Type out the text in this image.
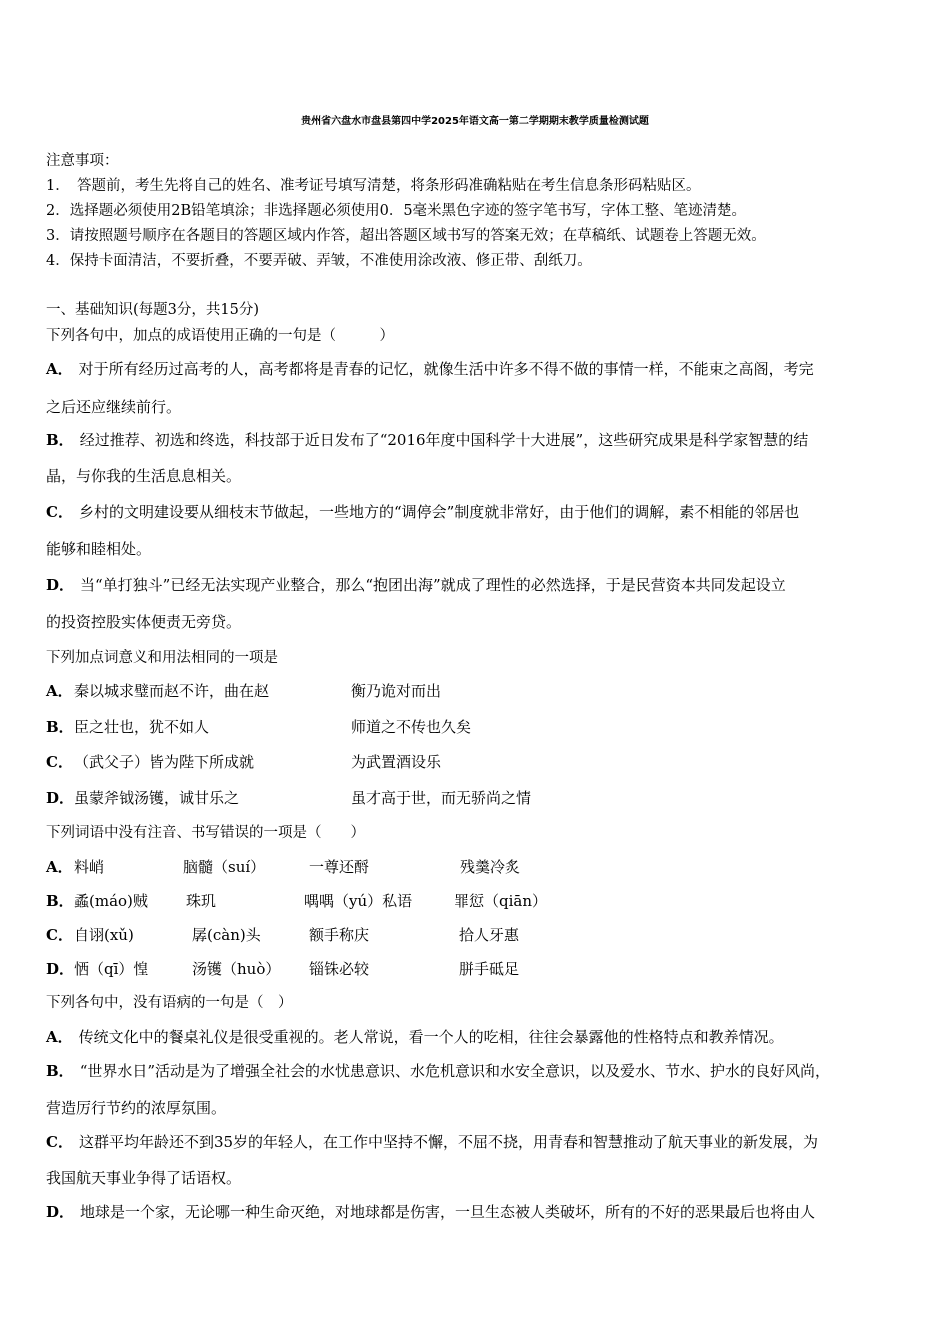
贵州省六盘水市盘县第四中学2025年语文高一第二学期期末教学质量检测试题
注意事项：
1．　答题前，考生先将自己的姓名、准考证号填写清楚，将条形码准确粘贴在考生信息条形码粘贴区。
2．选择题必须使用2B铅笔填涂；非选择题必须使用0．5毫米黑色字迹的签字笔书写，字体工整、笔迹清楚。
3．请按照题号顺序在各题目的答题区域内作答，超出答题区域书写的答案无效；在草稿纸、试题卷上答题无效。
4．保持卡面清洁，不要折叠，不要弄破、弄皱，不准使用涂改液、修正带、刮纸刀。
一、基础知识(每题3分，共15分)
下列各句中，加点的成语使用正确的一句是（　　　）
A． 对于所有经历过高考的人，高考都将是青春的记忆，就像生活中许多不得不做的事情一样，不能束之高阁，考完
之后还应继续前行。
B． 经过推荐、初选和终选，科技部于近日发布了“2016年度中国科学十大进展”，这些研究成果是科学家智慧的结
晶，与你我的生活息息相关。
C． 乡村的文明建设要从细枝末节做起，一些地方的“调停会”制度就非常好，由于他们的调解，素不相能的邻居也
能够和睦相处。
D． 当“单打独斗”已经无法实现产业整合，那么“抱团出海”就成了理性的必然选择，于是民营资本共同发起设立
的投资控股实体便责无旁贷。
下列加点词意义和用法相同的一项是
A． 秦以城求璧而赵不许，曲在赵	衡乃诡对而出
B． 臣之壮也，犹不如人	师道之不传也久矣
C． （武父子）皆为陛下所成就	为武置酒设乐
D． 虽蒙斧钺汤镬，诚甘乐之	虽才高于世，而无骄尚之情
下列词语中没有注音、书写错误的一项是（　　）
A． 料峭	脑髓（suí）	一尊还酹	残羹冷炙
B． 蟊(máo)贼	珠玑	喁喁（yú）私语	罪愆（qiān）
C． 自诩(xǔ)	孱(càn)头	额手称庆	拾人牙惠
D． 恓（qī）惶	汤镬（huò） 锱铢必较	胼手砥足
下列各句中，没有语病的一句是（　）
A． 传统文化中的餐桌礼仪是很受重视的。老人常说，看一个人的吃相，往往会暴露他的性格特点和教养情况。
B． “世界水日”活动是为了增强全社会的水忧患意识、水危机意识和水安全意识，以及爱水、节水、护水的良好风尚，
营造厉行节约的浓厚氛围。
C． 这群平均年龄还不到35岁的年轻人，在工作中坚持不懈，不屈不挠，用青春和智慧推动了航天事业的新发展，为
我国航天事业争得了话语权。
D． 地球是一个家，无论哪一种生命灭绝，对地球都是伤害，一旦生态被人类破坏，所有的不好的恶果最后也将由人
